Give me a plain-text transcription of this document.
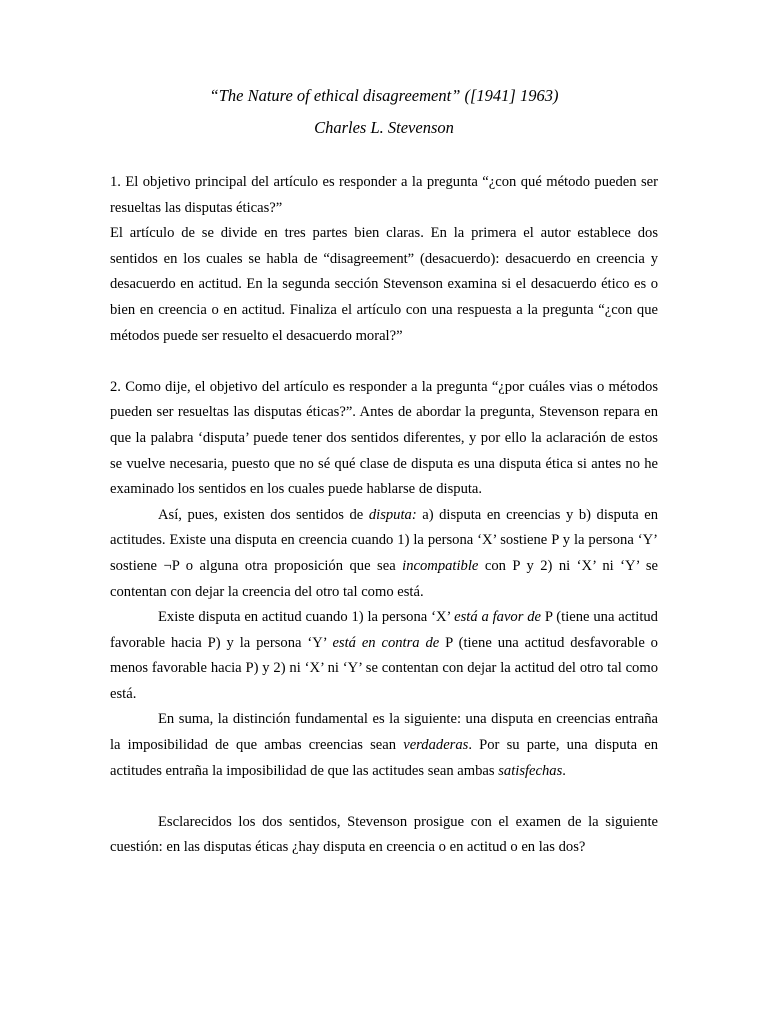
“The Nature of ethical disagreement” ([1941] 1963)
Charles L. Stevenson

1. El objetivo principal del artículo es responder a la pregunta “¿con qué método pueden ser resueltas las disputas éticas?”

El artículo de se divide en tres partes bien claras. En la primera el autor establece dos sentidos en los cuales se habla de “disagreement” (desacuerdo): desacuerdo en creencia y desacuerdo en actitud. En la segunda sección Stevenson examina si el desacuerdo ético es o bien en creencia o en actitud. Finaliza el artículo con una respuesta a la pregunta “¿con que métodos puede ser resuelto el desacuerdo moral?”

2. Como dije, el objetivo del artículo es responder a la pregunta “¿por cuáles vias o métodos pueden ser resueltas las disputas éticas?”. Antes de abordar la pregunta, Stevenson repara en que la palabra ‘disputa’ puede tener dos sentidos diferentes, y por ello la aclaración de estos se vuelve necesaria, puesto que no sé qué clase de disputa es una disputa ética si antes no he examinado los sentidos en los cuales puede hablarse de disputa.

Así, pues, existen dos sentidos de disputa: a) disputa en creencias y b) disputa en actitudes. Existe una disputa en creencia cuando 1) la persona ‘X’ sostiene P y la persona ‘Y’ sostiene ¬P o alguna otra proposición que sea incompatible con P y 2) ni ‘X’ ni ‘Y’ se contentan con dejar la creencia del otro tal como está.

Existe disputa en actitud cuando 1) la persona ‘X’ está a favor de P (tiene una actitud favorable hacia P) y la persona ‘Y’ está en contra de P (tiene una actitud desfavorable o menos favorable hacia P) y 2) ni ‘X’ ni ‘Y’ se contentan con dejar la actitud del otro tal como está.

En suma, la distinción fundamental es la siguiente: una disputa en creencias entraña la imposibilidad de que ambas creencias sean verdaderas. Por su parte, una disputa en actitudes entraña la imposibilidad de que las actitudes sean ambas satisfechas.

Esclarecidos los dos sentidos, Stevenson prosigue con el examen de la siguiente cuestión: en las disputas éticas ¿hay disputa en creencia o en actitud o en las dos?
